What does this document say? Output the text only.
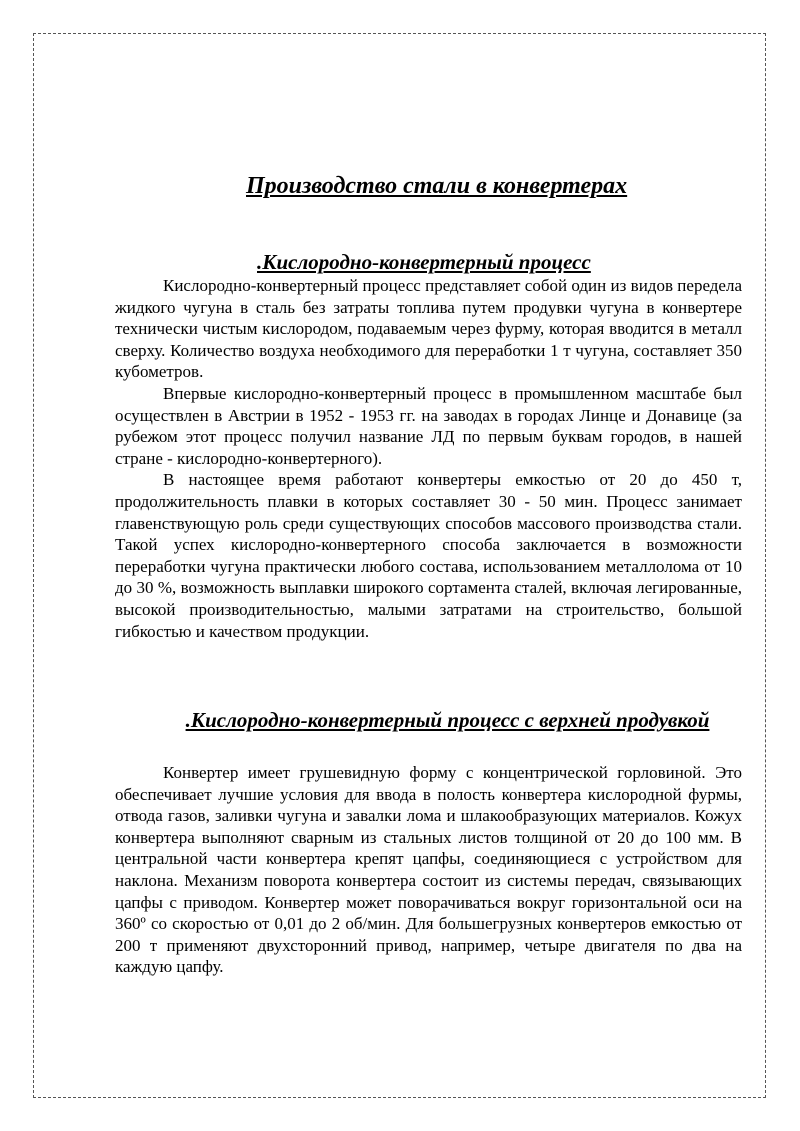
Производство стали в конвертерах
.Кислородно-конвертерный процесс

Кислородно-конвертерный процесс представляет собой один из видов передела жидкого чугуна в сталь без затраты топлива путем продувки чугуна в конвертере технически чистым кислородом, подаваемым через фурму, которая вводится в металл сверху. Количество воздуха необходимого для переработки 1 т чугуна, составляет 350 кубометров.

Впервые кислородно-конвертерный процесс в промышленном масштабе был осуществлен в Австрии в 1952 - 1953 гг. на заводах в городах Линце и Донавице (за рубежом этот процесс получил название ЛД по первым буквам городов, в нашей стране - кислородно-конвертерного).

В настоящее время работают конвертеры емкостью от 20 до 450 т, продолжительность плавки в которых составляет 30 - 50 мин. Процесс занимает главенствующую роль среди существующих способов массового производства стали. Такой успех кислородно-конвертерного способа заключается в возможности переработки чугуна практически любого состава, использованием металлолома от 10 до 30 %, возможность выплавки широкого сортамента сталей, включая легированные, высокой производительностью, малыми затратами на строительство, большой гибкостью и качеством продукции.

.Кислородно-конвертерный процесс с верхней продувкой

Конвертер имеет грушевидную форму с концентрической горловиной. Это обеспечивает лучшие условия для ввода в полость конвертера кислородной фурмы, отвода газов, заливки чугуна и завалки лома и шлакообразующих материалов. Кожух конвертера выполняют сварным из стальных листов толщиной от 20 до 100 мм. В центральной части конвертера крепят цапфы, соединяющиеся с устройством для наклона. Механизм поворота конвертера состоит из системы передач, связывающих цапфы с приводом. Конвертер может поворачиваться вокруг горизонтальной оси на 360º со скоростью от 0,01 до 2 об/мин. Для большегрузных конвертеров емкостью от 200 т применяют двухсторонний привод, например, четыре двигателя по два на каждую цапфу.
